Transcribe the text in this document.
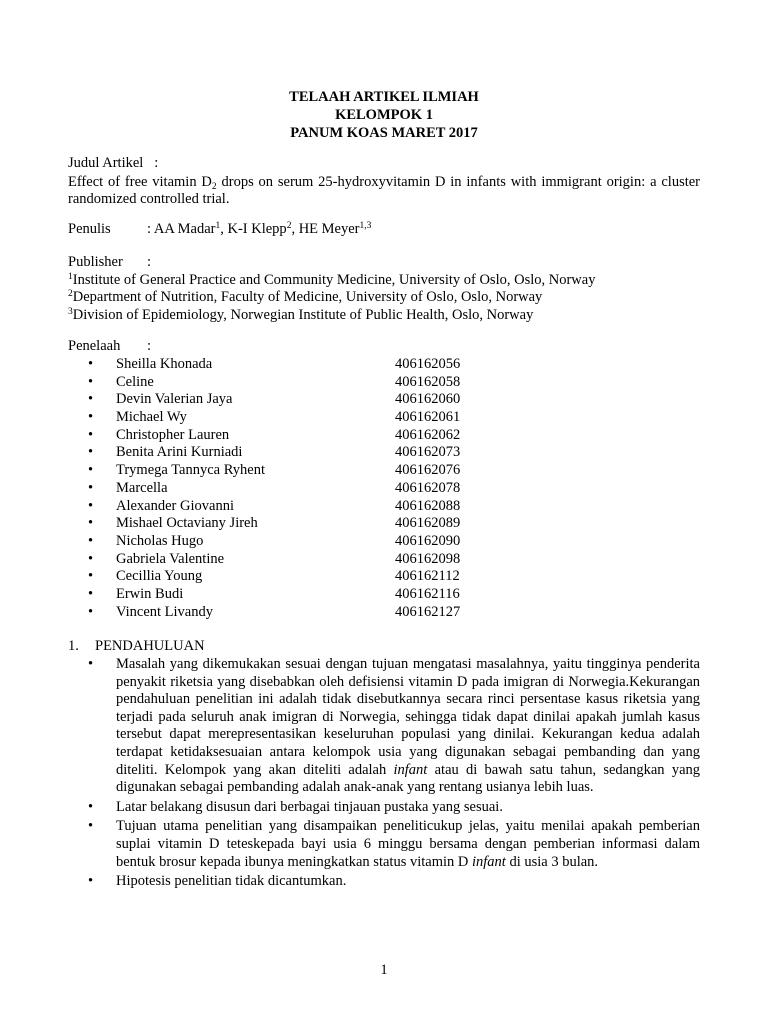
TELAAH ARTIKEL ILMIAH
KELOMPOK 1
PANUM KOAS MARET 2017
Judul Artikel :
Effect of free vitamin $D_2$ drops on serum 25-hydroxyvitamin D in infants with immigrant origin: a cluster randomized controlled trial.
Penulis	: AA Madar$^1$, K-I Klepp$^2$, HE Meyer$^{1,3}$
Publisher :
$^1$Institute of General Practice and Community Medicine, University of Oslo, Oslo, Norway
$^2$Department of Nutrition, Faculty of Medicine, University of Oslo, Oslo, Norway
$^3$Division of Epidemiology, Norwegian Institute of Public Health, Oslo, Norway
Penelaah :
• Sheilla Khonada	406162056
• Celine	406162058
• Devin Valerian Jaya	406162060
• Michael Wy	406162061
• Christopher Lauren	406162062
• Benita Arini Kurniadi	406162073
• Trymega Tannyca Ryhent	406162076
• Marcella	406162078
• Alexander Giovanni	406162088
• Mishael Octaviany Jireh	406162089
• Nicholas Hugo	406162090
• Gabriela Valentine	406162098
• Cecillia Young	406162112
• Erwin Budi	406162116
• Vincent Livandy	406162127
1. PENDAHULUAN
• Masalah yang dikemukakan sesuai dengan tujuan mengatasi masalahnya, yaitu tingginya penderita penyakit riketsia yang disebabkan oleh defisiensi vitamin D pada imigran di Norwegia.Kekurangan pendahuluan penelitian ini adalah tidak disebutkannya secara rinci persentase kasus riketsia yang terjadi pada seluruh anak imigran di Norwegia, sehingga tidak dapat dinilai apakah jumlah kasus tersebut dapat merepresentasikan keseluruhan populasi yang dinilai. Kekurangan kedua adalah terdapat ketidaksesuaian antara kelompok usia yang digunakan sebagai pembanding dan yang diteliti. Kelompok yang akan diteliti adalah infant atau di bawah satu tahun, sedangkan yang digunakan sebagai pembanding adalah anak-anak yang rentang usianya lebih luas.
• Latar belakang disusun dari berbagai tinjauan pustaka yang sesuai.
• Tujuan utama penelitian yang disampaikan peneliticukup jelas, yaitu menilai apakah pemberian suplai vitamin D teteskepada bayi usia 6 minggu bersama dengan pemberian informasi dalam bentuk brosur kepada ibunya meningkatkan status vitamin D infant di usia 3 bulan.
• Hipotesis penelitian tidak dicantumkan.
1
